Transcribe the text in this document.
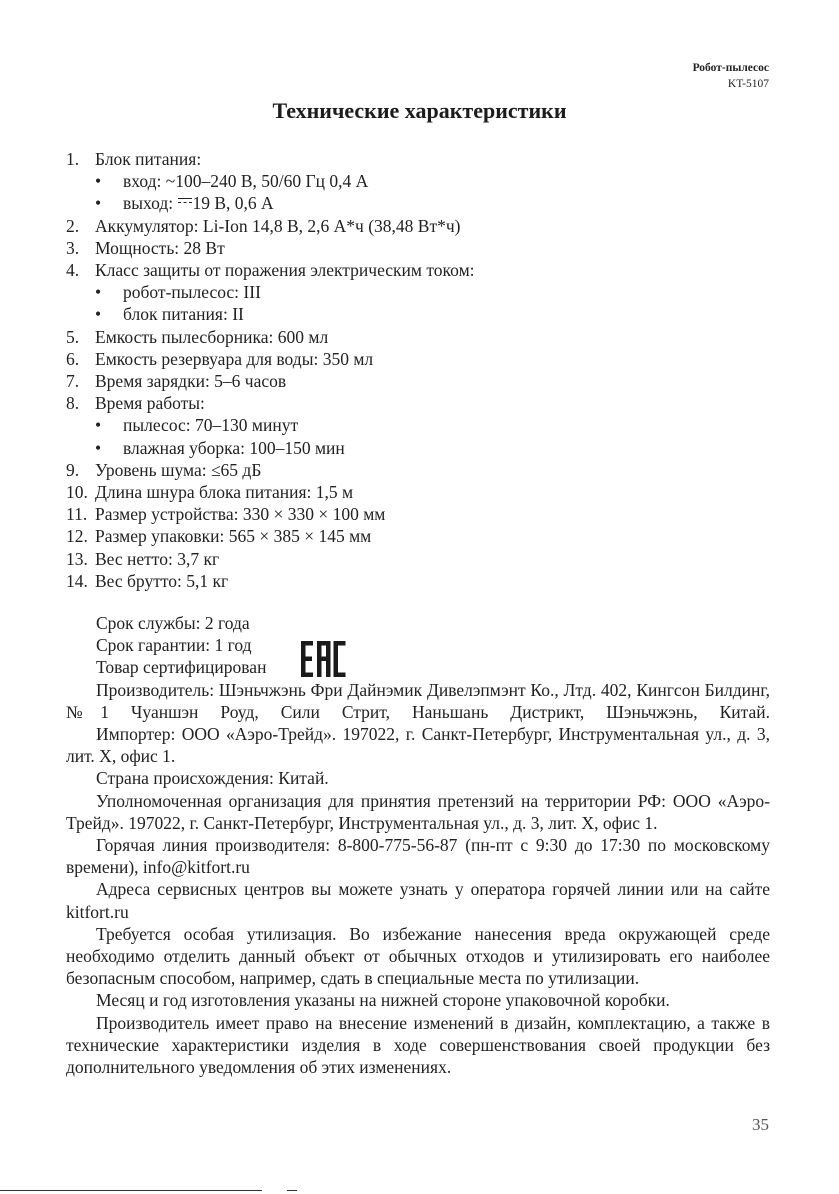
Робот-пылесос
KT-5107
Технические характеристики
1. Блок питания:
• вход: ~100–240 В, 50/60 Гц 0,4 А
• выход:
19 В, 0,6 А
2. Аккумулятор: Li-Ion 14,8 В, 2,6 А*ч (38,48 Вт*ч)
3. Мощность: 28 Вт
4. Класс защиты от поражения электрическим током:
• робот-пылесос: III
• блок питания: II
5. Емкость пылесборника: 600 мл
6. Емкость резервуара для воды: 350 мл
7. Время зарядки: 5–6 часов
8. Время работы:
• пылесос: 70–130 минут
• влажная уборка: 100–150 мин
9. Уровень шума: ≤65 дБ
10. Длина шнура блока питания: 1,5 м
11. Размер устройства: 330 × 330 × 100 мм
12. Размер упаковки: 565 × 385 × 145 мм
13. Вес нетто: 3,7 кг
14. Вес брутто: 5,1 кг

Срок службы: 2 года

Срок гарантии: 1 год

Товар сертифицирован

Производитель: Шэньчжэнь Фри Дайнэмик Дивелэпмэнт Ко., Лтд. 402, Кингсон Билдинг, №1 Чуаншэн Роуд, Сили Стрит, Наньшань Дистрикт, Шэньчжэнь, Китай.

Импортер: ООО «Аэро-Трейд». 197022, г. Санкт-Петербург, Инструментальная ул., д. 3, лит. Х, офис 1.

Страна происхождения: Китай.

Уполномоченная организация для принятия претензий на территории РФ: ООО «Аэро-Трейд». 197022, г. Санкт-Петербург, Инструментальная ул., д. 3, лит. Х, офис 1.

Горячая линия производителя: 8-800-775-56-87 (пн-пт с 9:30 до 17:30 по московскому времени), info@kitfort.ru

Адреса сервисных центров вы можете узнать у оператора горячей линии или на сайте kitfort.ru

Требуется особая утилизация. Во избежание нанесения вреда окружающей среде необходимо отделить данный объект от обычных отходов и утилизировать его наиболее безопасным способом, например, сдать в специальные места по утилизации.

Месяц и год изготовления указаны на нижней стороне упаковочной коробки.

Производитель имеет право на внесение изменений в дизайн, комплектацию, а также в технические характеристики изделия в ходе совершенствования своей продукции без дополнительного уведомления об этих изменениях.

35
